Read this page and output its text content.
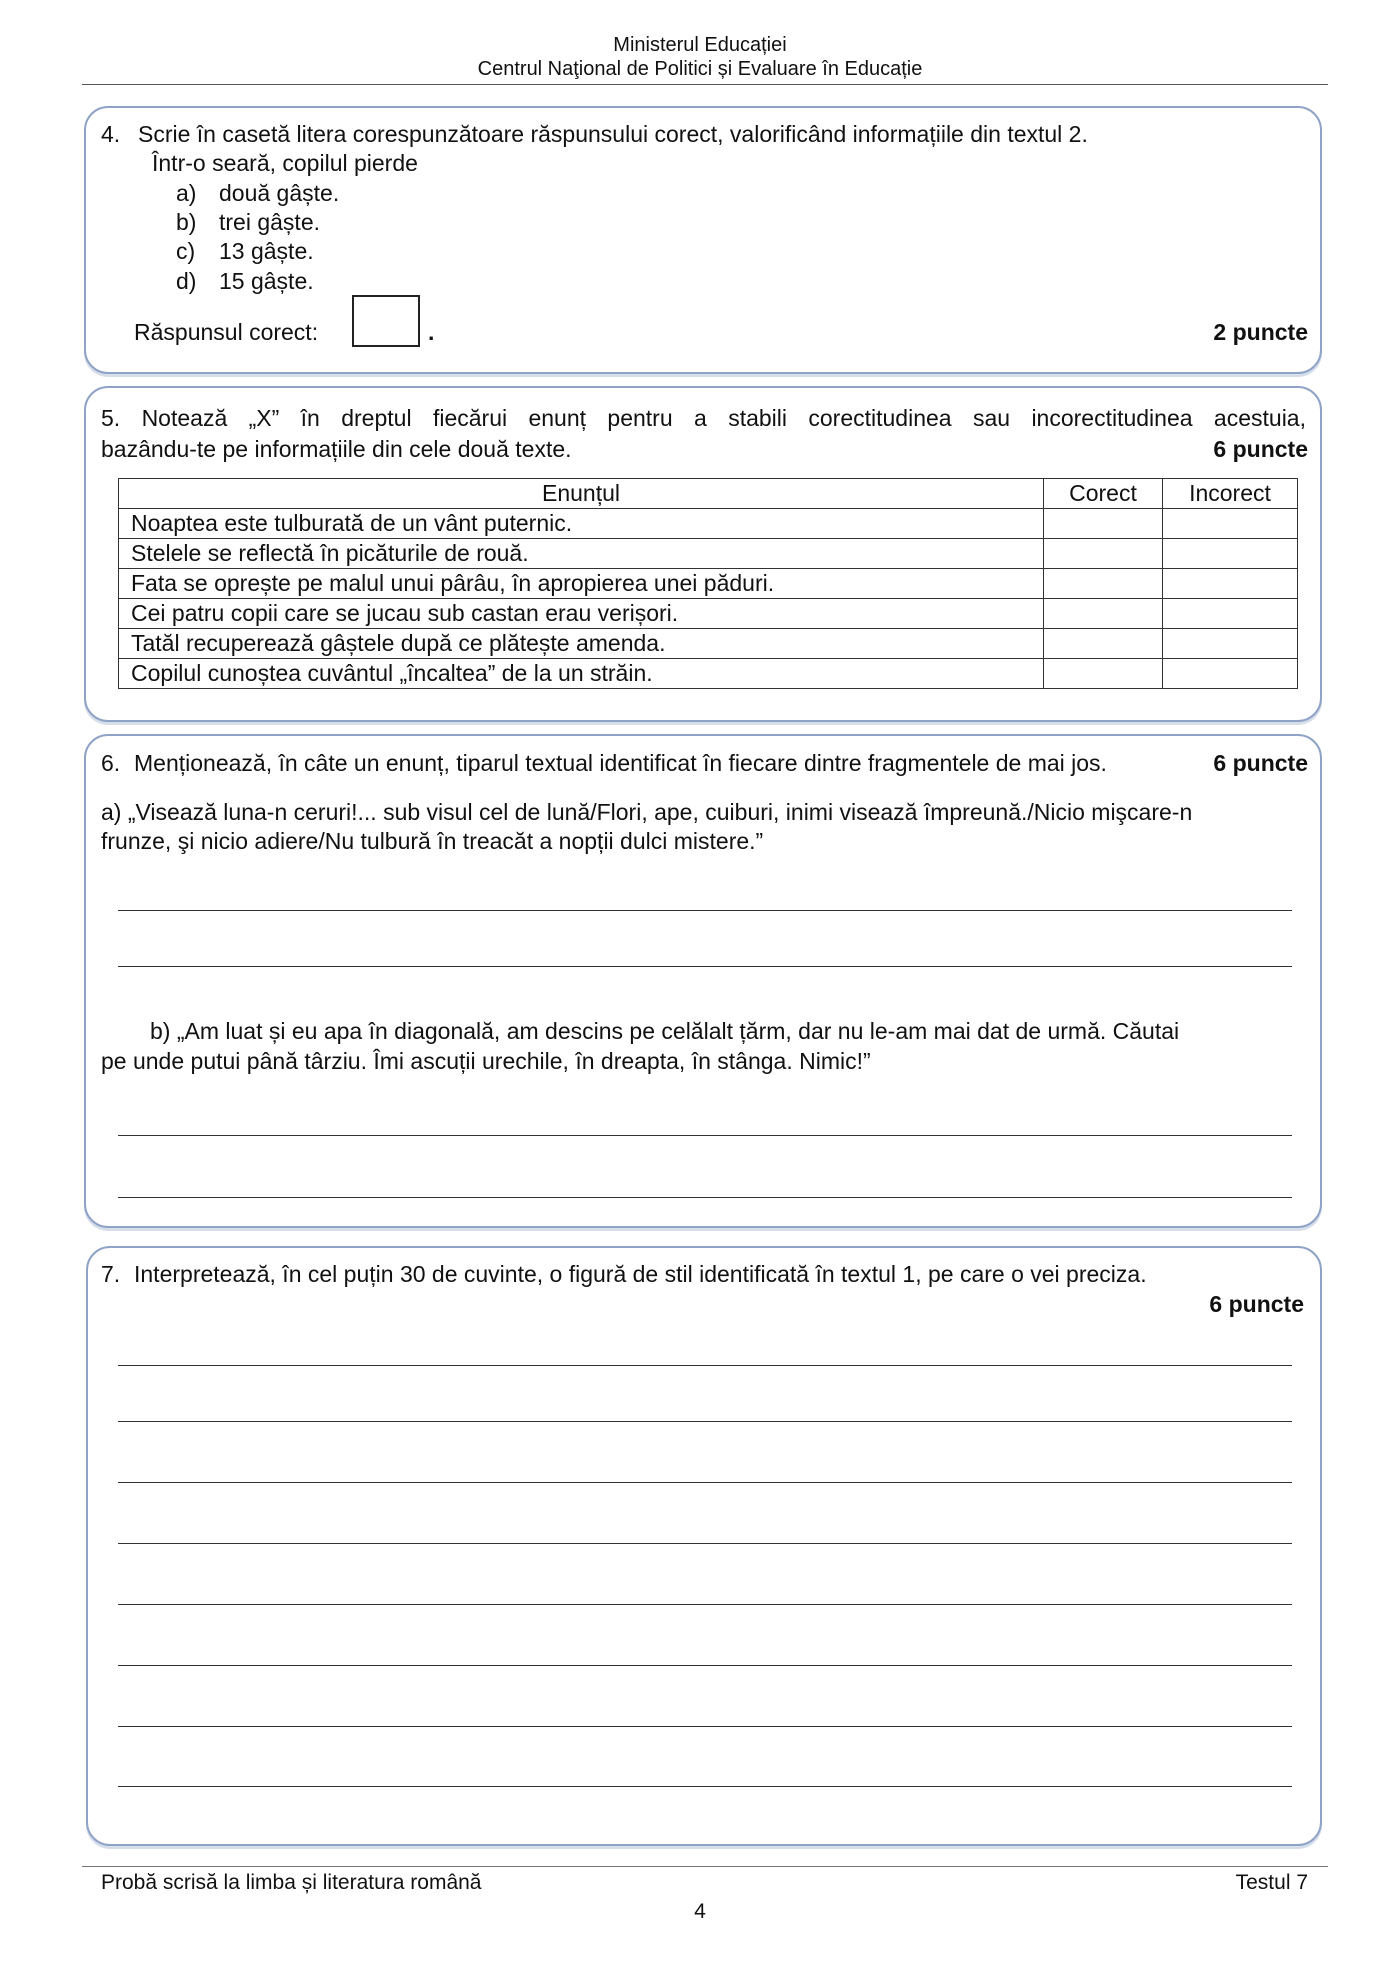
Ministerul Educației
Centrul Naţional de Politici și Evaluare în Educație
4. Scrie în casetă litera corespunzătoare răspunsului corect, valorificând informațiile din textul 2.
Într-o seară, copilul pierde
a) două gâște.
b) trei gâște.
c) 13 gâște.
d) 15 gâște.
Răspunsul corect:	.	2 puncte
5. Notează „X” în dreptul fiecărui enunț pentru a stabili corectitudinea sau incorectitudinea acestuia,
bazându-te pe informațiile din cele două texte.	6 puncte
Enunțul	Corect	Incorect
Noaptea este tulburată de un vânt puternic.		
Stelele se reflectă în picăturile de rouă.		
Fata se oprește pe malul unui pârâu, în apropierea unei păduri.		
Cei patru copii care se jucau sub castan erau verișori.		
Tatăl recuperează gâștele după ce plătește amenda.		
Copilul cunoștea cuvântul „încaltea” de la un străin.		
6. Menționează, în câte un enunț, tiparul textual identificat în fiecare dintre fragmentele de mai jos.	6 puncte
a) „Visează luna-n ceruri!... sub visul cel de lună/Flori, ape, cuiburi, inimi visează împreună./Nicio mişcare-n
frunze, şi nicio adiere/Nu tulbură în treacăt a nopții dulci mistere.”
b) „Am luat și eu apa în diagonală, am descins pe celălalt țărm, dar nu le-am mai dat de urmă. Căutai
pe unde putui până târziu. Îmi ascuții urechile, în dreapta, în stânga. Nimic!”
7. Interpretează, în cel puțin 30 de cuvinte, o figură de stil identificată în textul 1, pe care o vei preciza.
6 puncte
Probă scrisă la limba și literatura română	Testul 7
4
